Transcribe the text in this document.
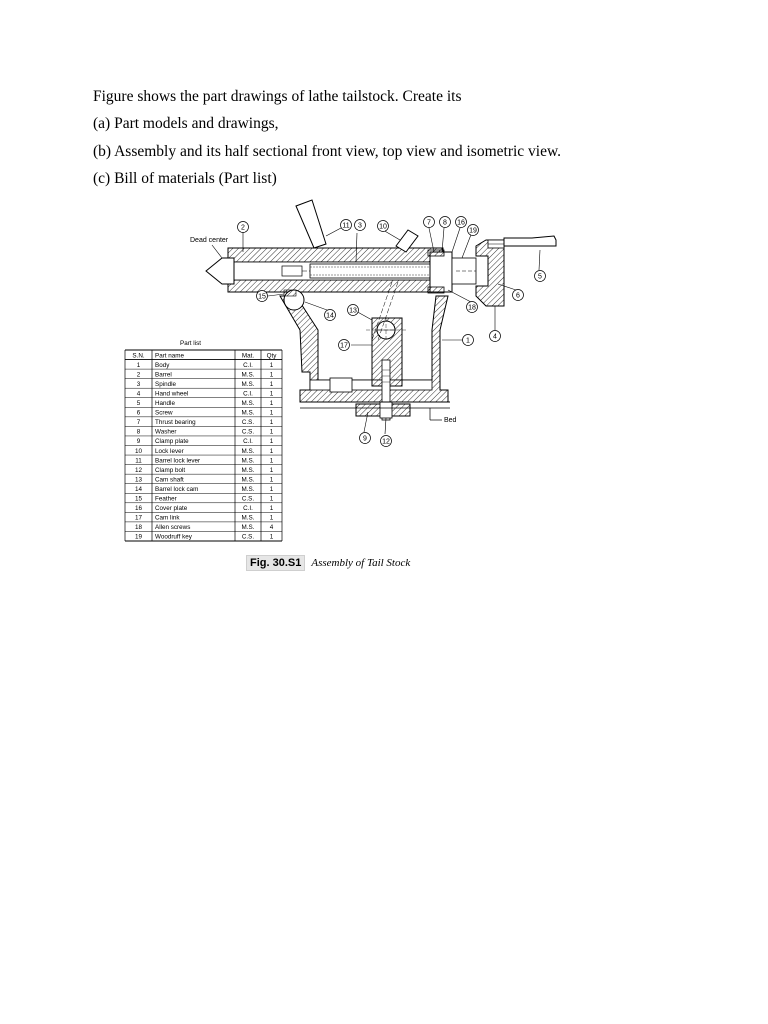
Figure shows the part drawings of lathe tailstock. Create its
(a) Part models and drawings,
(b) Assembly and its half sectional front view, top view and isometric view.
(c) Bill of materials (Part list)
Bed
Dead center
2	11 3 10
7 8 16
19
5
6
15
18
14
13
4
1
17
9 12
Part list
S.N. Part name	Mat. Qty
1 Body	C.I.	1
2 Barrel	M.S. 1
3 Spindle	M.S. 1
4 Hand wheel	C.I.	1
5 Handle	M.S. 1
6 Screw	M.S. 1
7 Thrust bearing	C.S. 1
8 Washer	C.S. 1
9 Clamp plate	C.I.	1
10 Lock lever	M.S. 1
11 Barrel lock lever	M.S. 1
12 Clamp bolt	M.S. 1
13 Cam shaft	M.S. 1
14 Barrel lock cam	M.S. 1
15 Feather	C.S. 1
16 Cover plate	C.I.	1
17 Cam link	M.S. 1
18 Allen screws	M.S. 4
19 Woodruff key	C.S. 1
Fig. 30.S1 Assembly of Tail Stock
